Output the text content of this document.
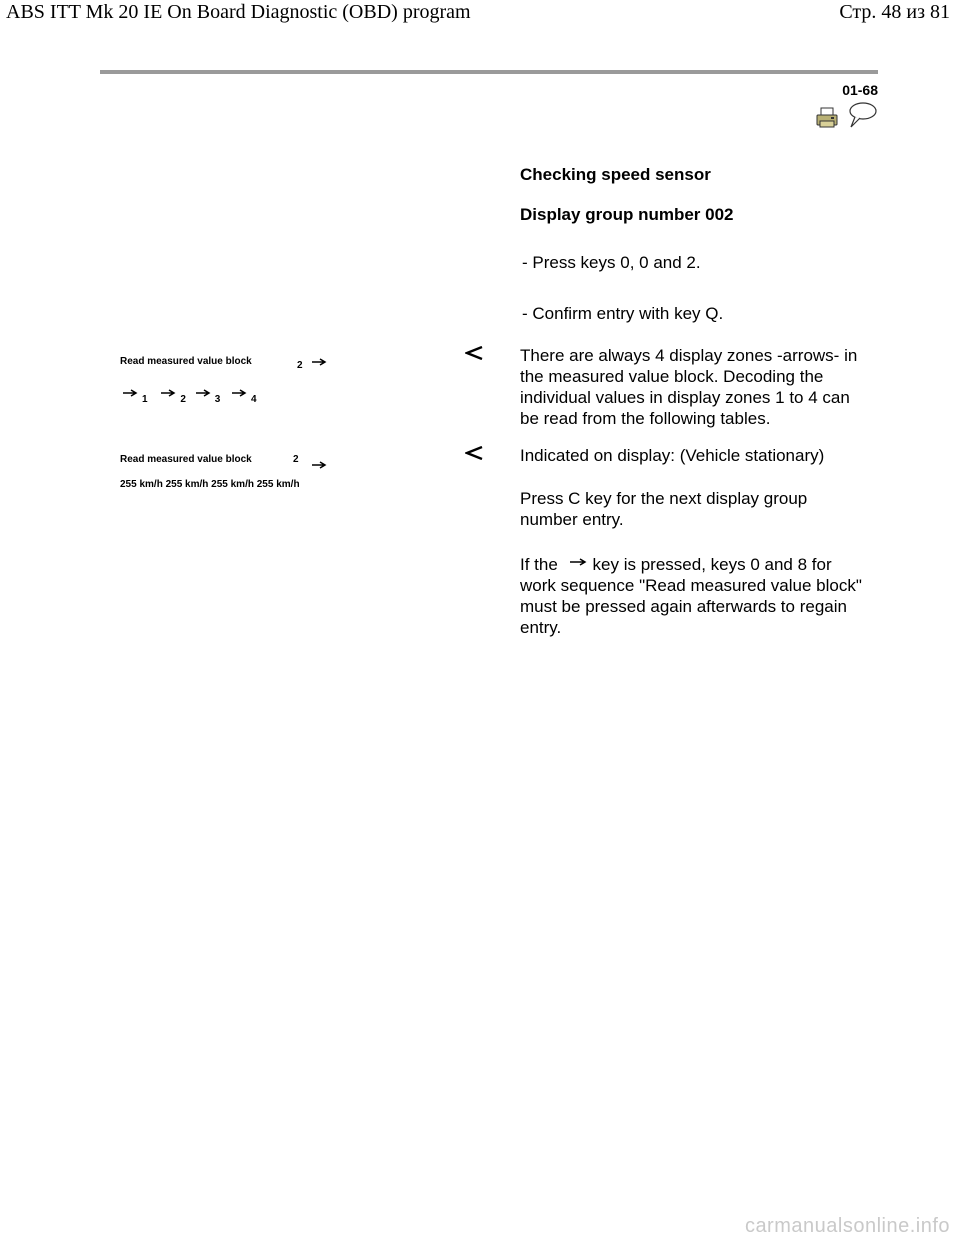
ABS ITT Mk 20 IE On Board Diagnostic (OBD) program	Стр. 48 из 81
01-68
Checking speed sensor
Display group number 002
- Press keys 0, 0 and 2.
- Confirm entry with key Q.
There are always 4 display zones -arrows- in the measured value block. Decoding the individual values in display zones 1 to 4 can be read from the following tables.
Indicated on display: (Vehicle stationary)
Press C key for the next display group number entry.
If the key is pressed, keys 0 and 8 for work sequence "Read measured value block" must be pressed again afterwards to regain entry.
Read measured value block	2
1	2	3	4
Read measured value block	2
255 km/h 255 km/h 255 km/h 255 km/h
carmanualsonline.info
